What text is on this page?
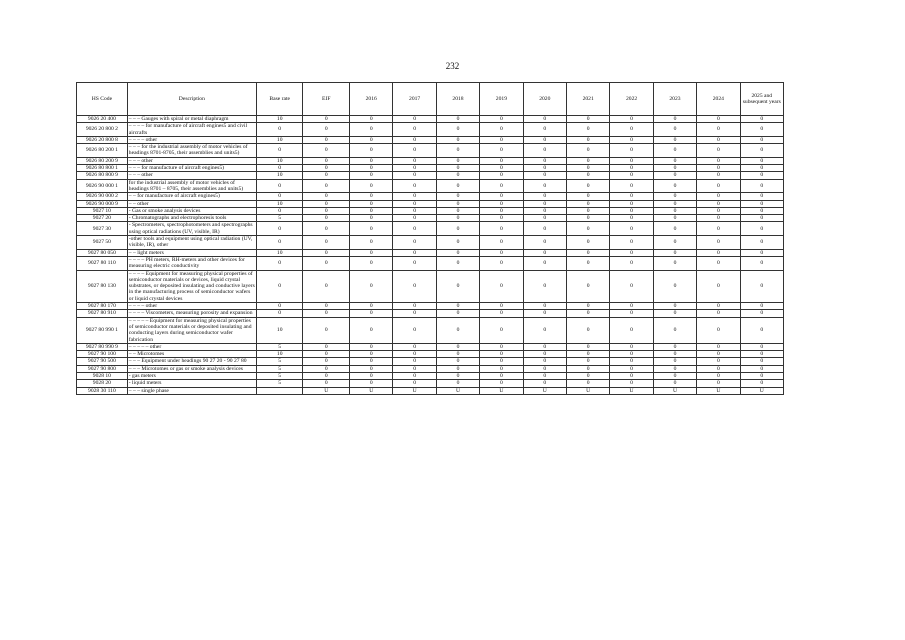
232
HS Code	Description	Base rate	EIF	2016	2017	2018	2019	2020	2021	2022	2023	2024	2025 and subsequent years
9026 20 400	– – – Gauges with spiral or metal diaphragm	10	0	0	0	0	0	0	0	0	0	0	0
9026 20 800 2	– – – – for manufacture of aircraft engines5 and civil aircrafts	0	0	0	0	0	0	0	0	0	0	0	0
9026 20 800 8	– – – – other	10	0	0	0	0	0	0	0	0	0	0	0
9026 80 200 1	– – – for the industrial assembly of motor vehicles of headings 8701-8705, their assemblies and units5)	0	0	0	0	0	0	0	0	0	0	0	0
9026 80 200 9	– – – other	10	0	0	0	0	0	0	0	0	0	0	0
9026 80 800 1	– – – for manufacture of aircraft engines5)	0	0	0	0	0	0	0	0	0	0	0	0
9026 80 800 9	– – – other	10	0	0	0	0	0	0	0	0	0	0	0
9026 90 000 1	for the industrial assembly of motor vehicles of headings 8701 – 8705, their assemblies and units5)	0	0	0	0	0	0	0	0	0	0	0	0
9026 90 000 2	– – for manufacture of aircraft engines5)	0	0	0	0	0	0	0	0	0	0	0	0
9026 90 000 9	– – other	10	0	0	0	0	0	0	0	0	0	0	0
9027 10	- Gas or smoke analysis devices	0	0	0	0	0	0	0	0	0	0	0	0
9027 20	- Chromatographs and electrophoresis tools	5	0	0	0	0	0	0	0	0	0	0	0
9027 30	- Spectrometers, spectrophotometers and spectrographs using optical radiations (UV, visible, IR)	0	0	0	0	0	0	0	0	0	0	0	0
9027 50	-other tools and equipment using optical radiation (UV, visible, IR), other	0	0	0	0	0	0	0	0	0	0	0	0
9027 80 050	– – light meters	10	0	0	0	0	0	0	0	0	0	0	0
9027 80 110	– – – – PH meters, RH-meters and other devices for measuring electric conductivity	0	0	0	0	0	0	0	0	0	0	0	0
9027 80 130	– – – – Equipment for measuring physical properties of semiconductor materials or devices, liquid crystal substrates, or deposited insulating and conductive layers in the manufacturing process of semiconductor wafers or liquid crystal devices	0	0	0	0	0	0	0	0	0	0	0	0
9027 80 170	– – – – other	0	0	0	0	0	0	0	0	0	0	0	0
9027 80 910	– – – – Viscometers, measuring porosity and expansion	0	0	0	0	0	0	0	0	0	0	0	0
9027 80 990 1	– – – – – Equipment for measuring physical properties of semiconductor materials or deposited insulating and conducting layers during semiconductor wafer fabrication	10	0	0	0	0	0	0	0	0	0	0	0
9027 80 990 9	– – – – – other	5	0	0	0	0	0	0	0	0	0	0	0
9027 90 100	– – Microtomes	10	0	0	0	0	0	0	0	0	0	0	0
9027 90 500	– – – Equipment under headings 90 27 20 - 90 27 80	5	0	0	0	0	0	0	0	0	0	0	0
9027 90 800	– – – Microtomes or gas or smoke analysis devices	5	0	0	0	0	0	0	0	0	0	0	0
9028 10	- gas meters	5	0	0	0	0	0	0	0	0	0	0	0
9028 20	- liquid meters	5	0	0	0	0	0	0	0	0	0	0	0
9028 30 110	– – – single phase		U	U	U	U	U	U	U	U	U	U	U
